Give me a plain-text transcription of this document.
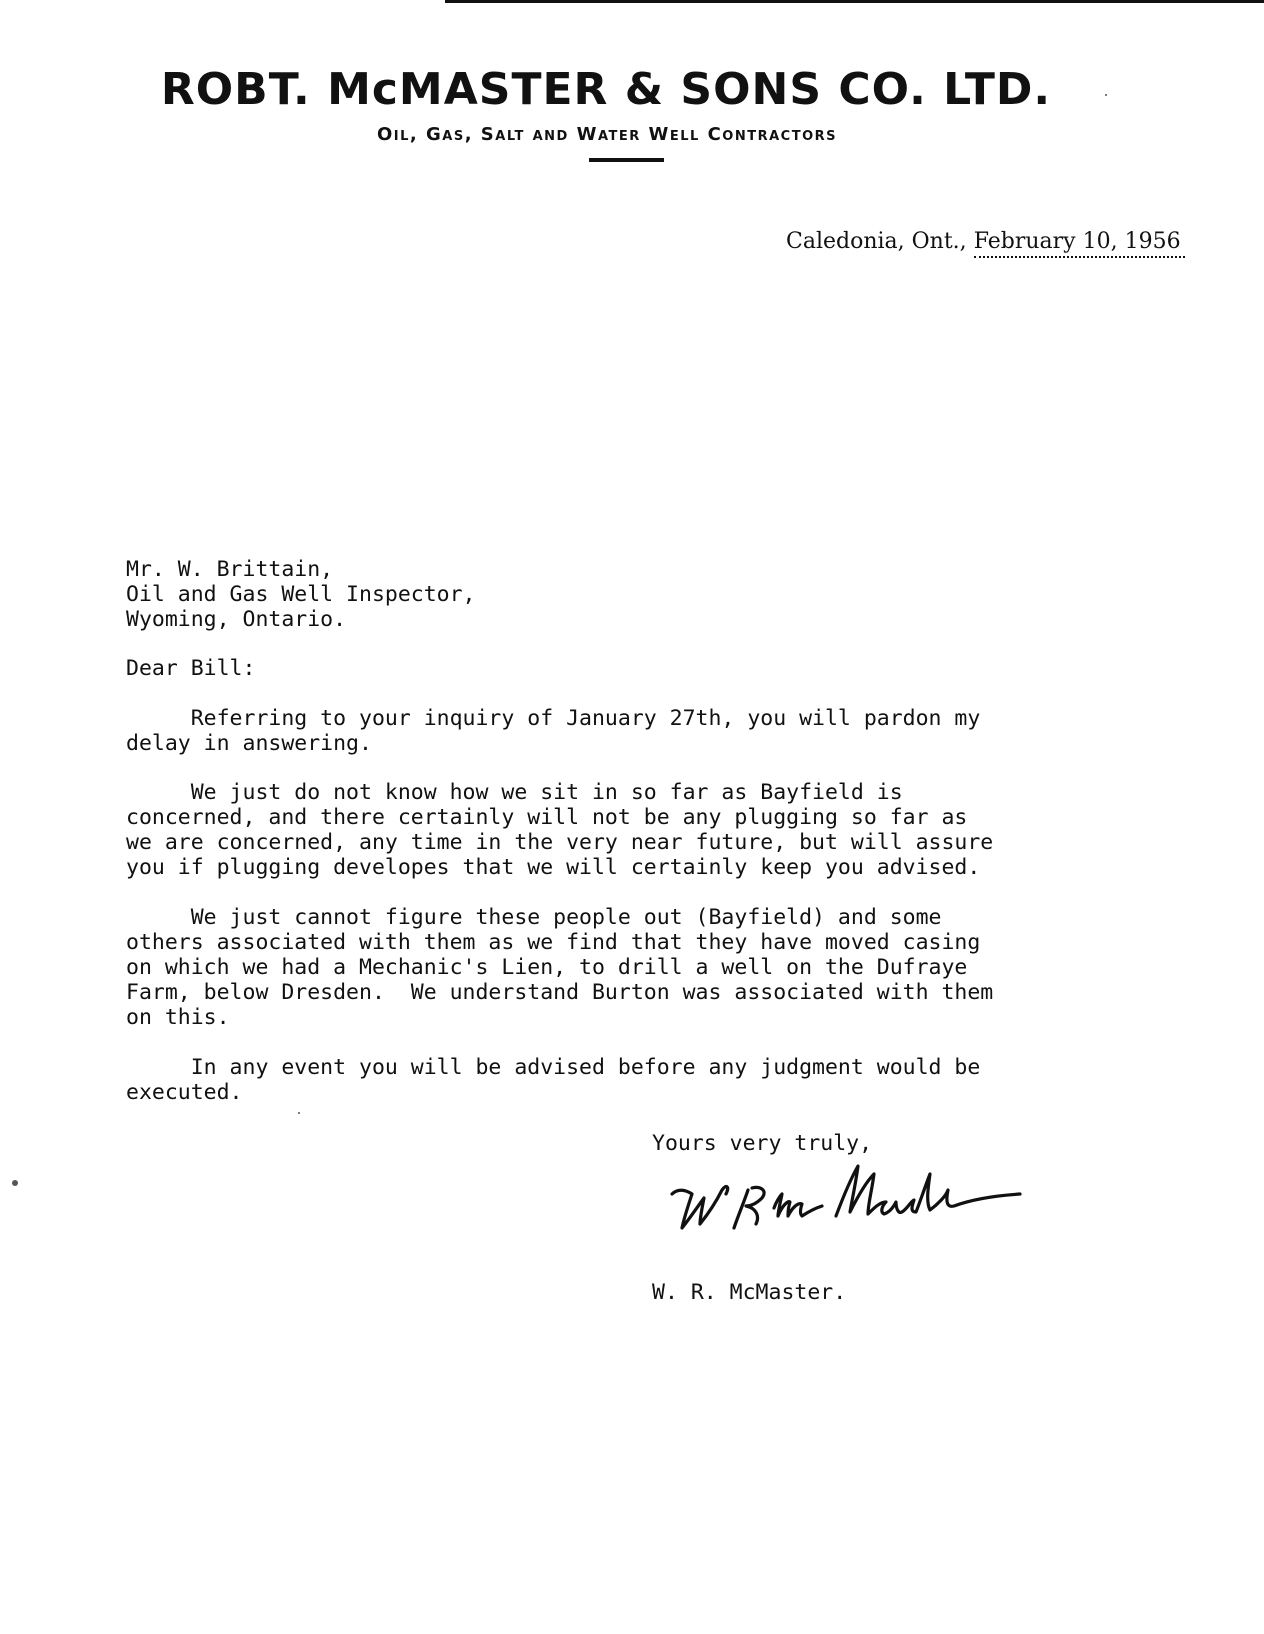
ROBT. McMASTER & SONS CO. LTD.
Oil, Gas, Salt and Water Well Contractors
Caledonia, Ont., February 10, 1956
Mr. W. Brittain,
Oil and Gas Well Inspector,
Wyoming, Ontario.
Dear Bill:
Referring to your inquiry of January 27th, you will pardon my
delay in answering.
We just do not know how we sit in so far as Bayfield is
concerned, and there certainly will not be any plugging so far as
we are concerned, any time in the very near future, but will assure
you if plugging developes that we will certainly keep you advised.
We just cannot figure these people out (Bayfield) and some
others associated with them as we find that they have moved casing
on which we had a Mechanic's Lien, to drill a well on the Dufraye
Farm, below Dresden.  We understand Burton was associated with them
on this.
In any event you will be advised before any judgment would be
executed.
Yours very truly,
W. R. McMaster.
